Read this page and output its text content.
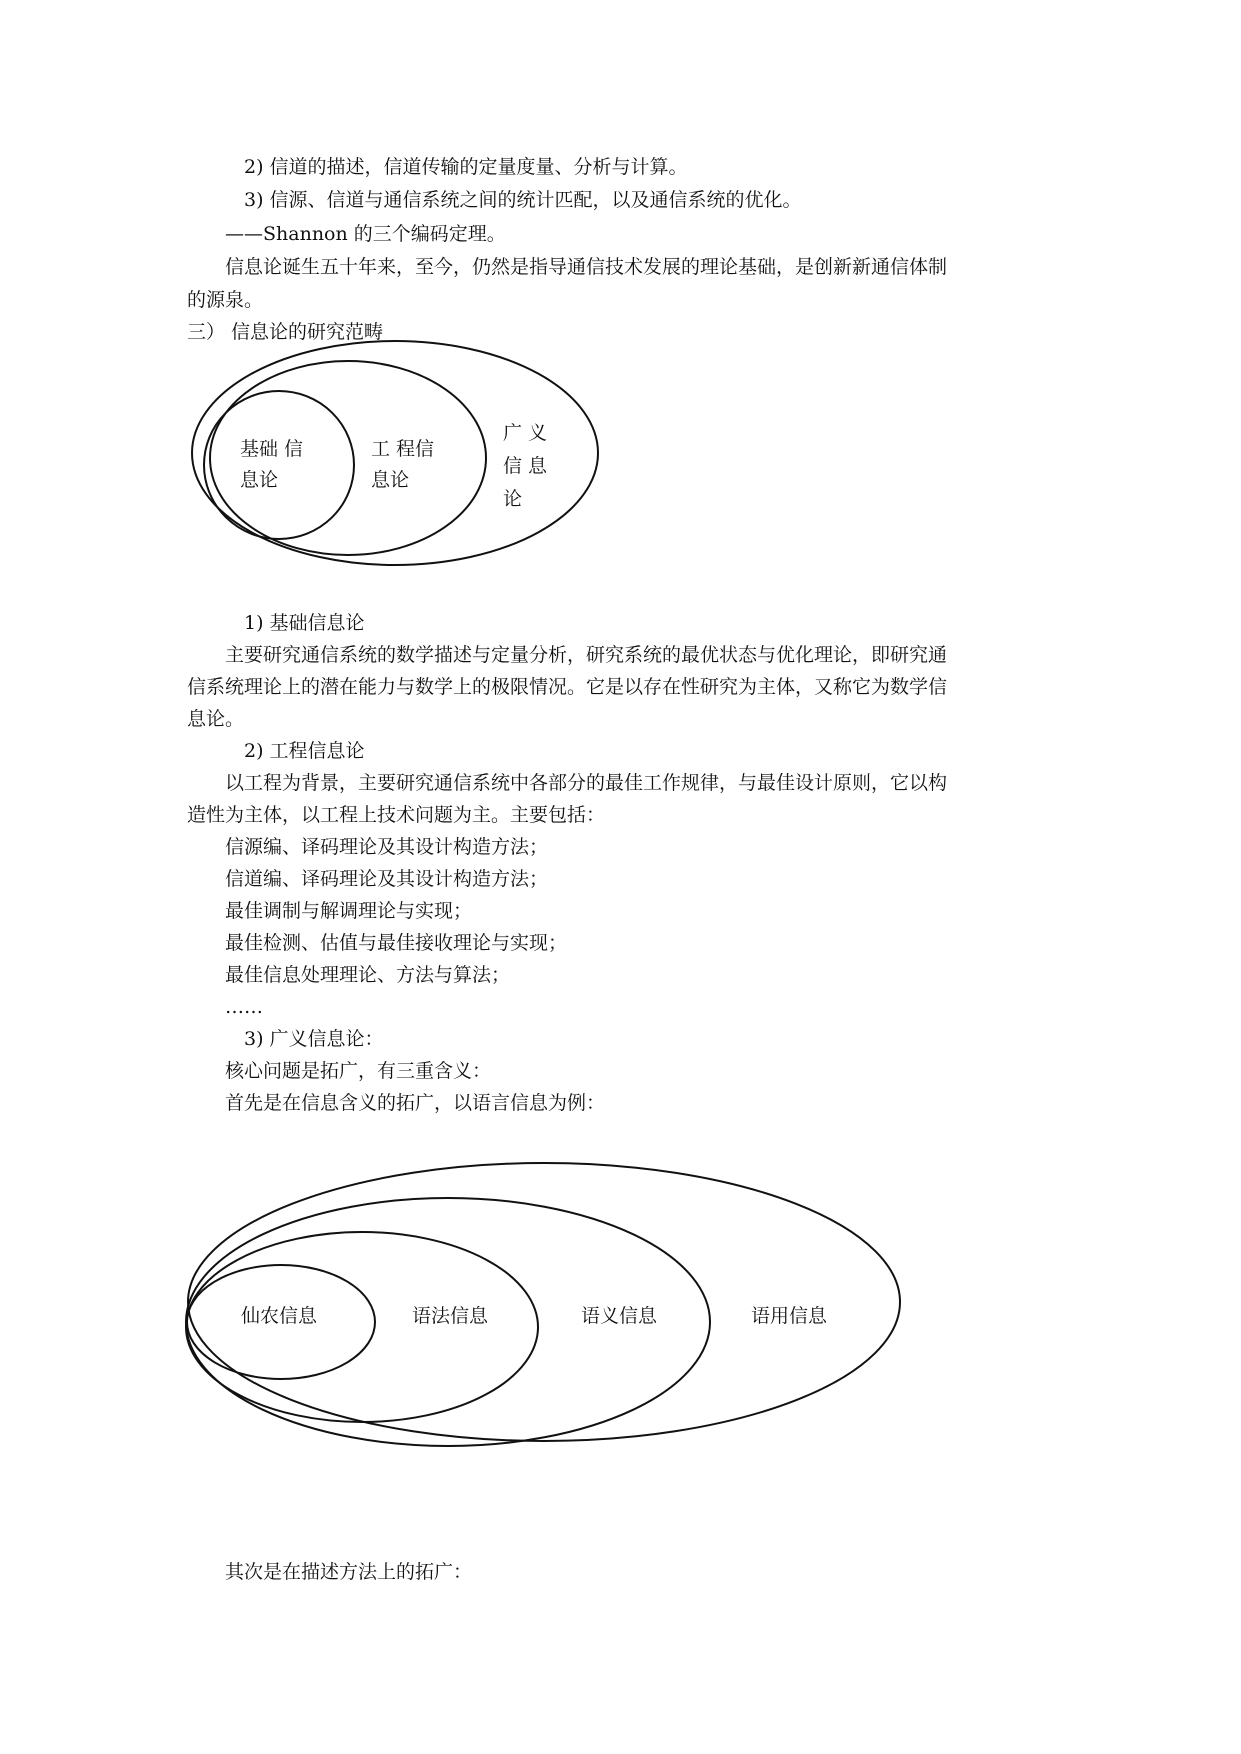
2) 信道的描述，信道传输的定量度量、分析与计算。

3) 信源、信道与通信系统之间的统计匹配，以及通信系统的优化。

——Shannon 的三个编码定理。

信息论诞生五十年来，至今，仍然是指导通信技术发展的理论基础，是创新新通信体制

的源泉。

三） 信息论的研究范畴

基础 信

息论

工 程信

息论

广 义

信 息

论

1) 基础信息论

主要研究通信系统的数学描述与定量分析，研究系统的最优状态与优化理论，即研究通

信系统理论上的潜在能力与数学上的极限情况。它是以存在性研究为主体，又称它为数学信

息论。

2) 工程信息论

以工程为背景，主要研究通信系统中各部分的最佳工作规律，与最佳设计原则，它以构

造性为主体，以工程上技术问题为主。主要包括：

信源编、译码理论及其设计构造方法；

信道编、译码理论及其设计构造方法；

最佳调制与解调理论与实现；

最佳检测、估值与最佳接收理论与实现；

最佳信息处理理论、方法与算法；

……

3) 广义信息论：

核心问题是拓广，有三重含义：

首先是在信息含义的拓广，以语言信息为例：

仙农信息	语法信息	语义信息	语用信息

其次是在描述方法上的拓广：
